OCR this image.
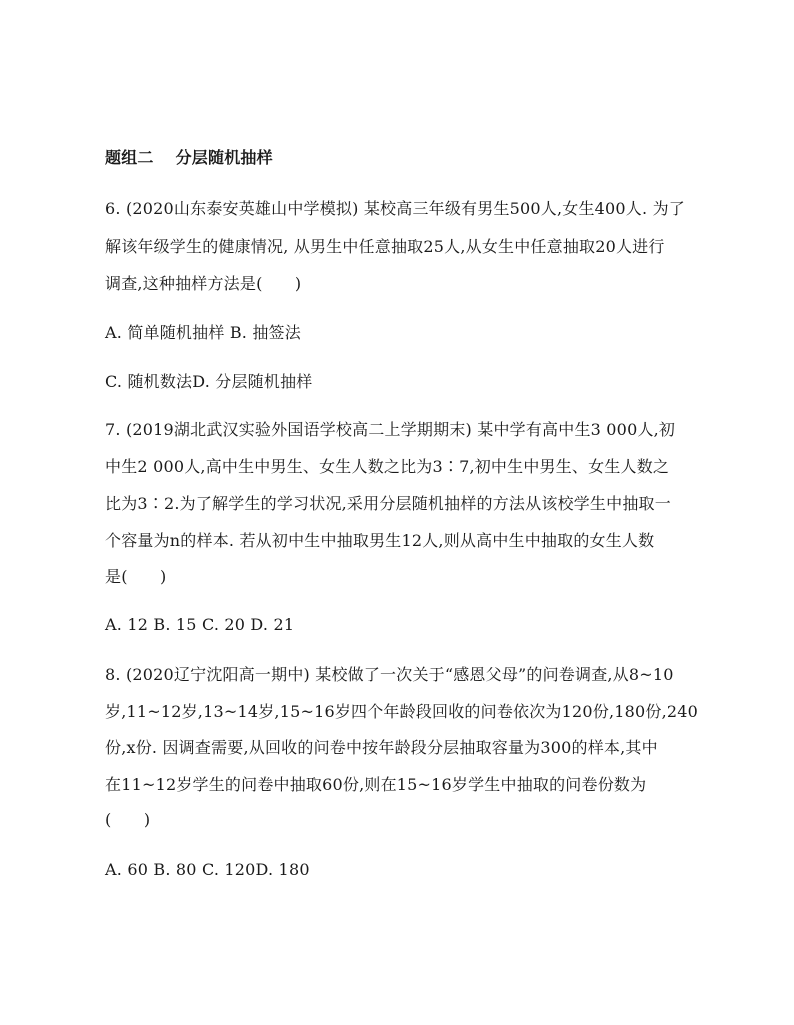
题组二 分层随机抽样
6. (2020山东泰安英雄山中学模拟) 某校高三年级有男生500人,女生400人. 为了
解该年级学生的健康情况, 从男生中任意抽取25人,从女生中任意抽取20人进行
调查,这种抽样方法是(　　)
A. 简单随机抽样 B. 抽签法
C. 随机数法D. 分层随机抽样
7. (2019湖北武汉实验外国语学校高二上学期期末) 某中学有高中生3 000人,初
中生2 000人,高中生中男生、女生人数之比为3∶7,初中生中男生、女生人数之
比为3∶2.为了解学生的学习状况,采用分层随机抽样的方法从该校学生中抽取一
个容量为n的样本. 若从初中生中抽取男生12人,则从高中生中抽取的女生人数
是(　　)
A. 12 B. 15 C. 20 D. 21
8. (2020辽宁沈阳高一期中) 某校做了一次关于“感恩父母”的问卷调查,从8~10
岁,11~12岁,13~14岁,15~16岁四个年龄段回收的问卷依次为120份,180份,240
份,x份. 因调查需要,从回收的问卷中按年龄段分层抽取容量为300的样本,其中
在11~12岁学生的问卷中抽取60份,则在15~16岁学生中抽取的问卷份数为
(　　)
A. 60 B. 80 C. 120D. 180
